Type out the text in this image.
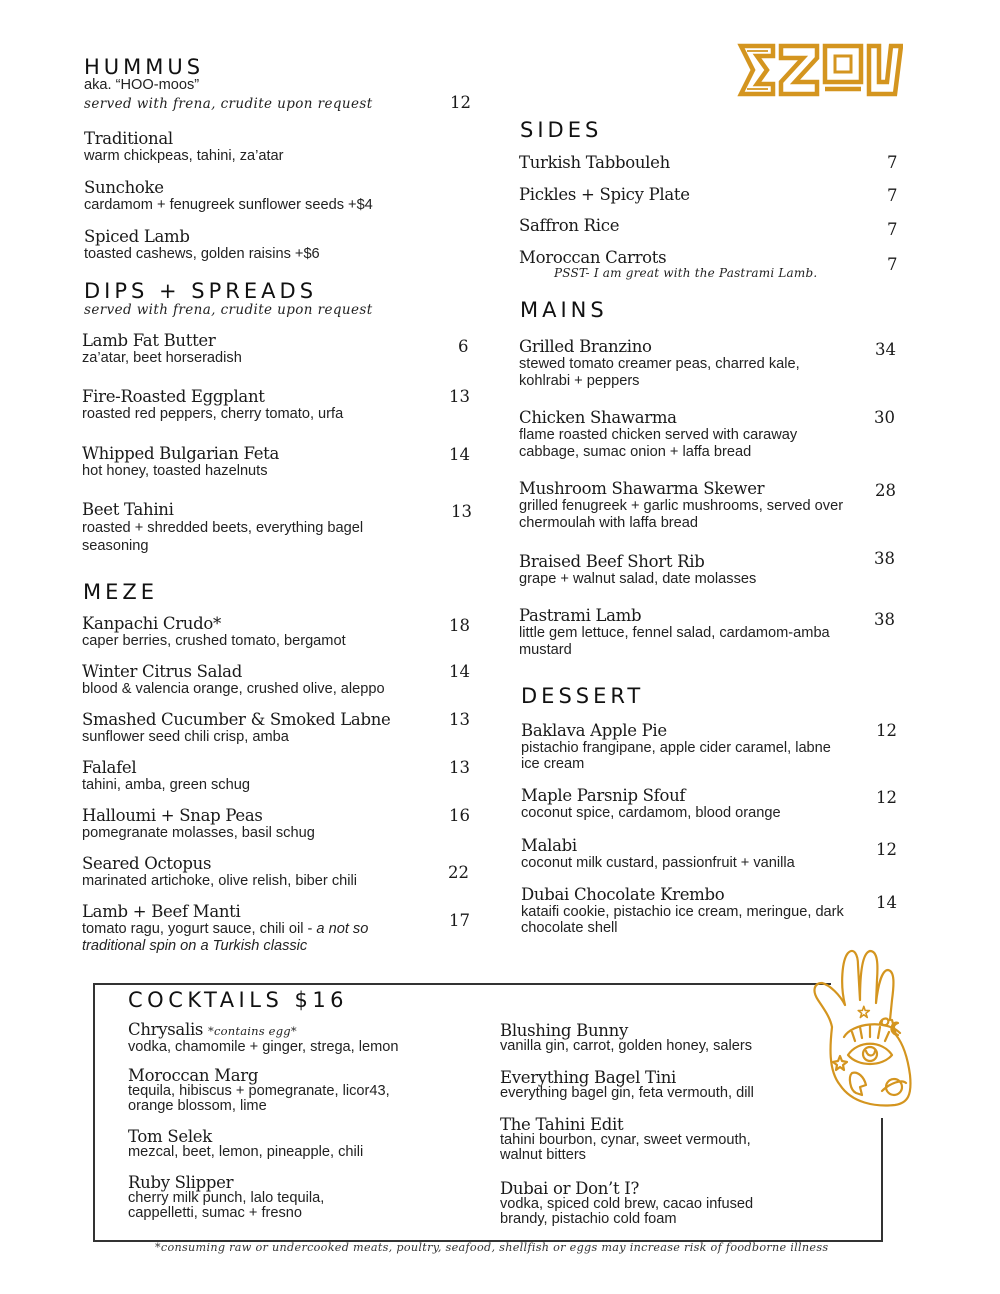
HUMMUS
aka. “HOO-moos”
served with frena, crudite upon request	12
Traditional
warm chickpeas, tahini, za’atar
Sunchoke
cardamom + fenugreek sunflower seeds +$4
Spiced Lamb
toasted cashews, golden raisins +$6
DIPS + SPREADS
served with frena, crudite upon request
Lamb Fat Butter
za’atar, beet horseradish
6
Fire-Roasted Eggplant
roasted red peppers, cherry tomato, urfa
13
Whipped Bulgarian Feta
hot honey, toasted hazelnuts
14
Beet Tahini
roasted + shredded beets, everything bagel seasoning
13
MEZE
Kanpachi Crudo*
caper berries, crushed tomato, bergamot
18
Winter Citrus Salad
blood & valencia orange, crushed olive, aleppo
14
Smashed Cucumber & Smoked Labne
sunflower seed chili crisp, amba
13
Falafel
tahini, amba, green schug
13
Halloumi + Snap Peas
pomegranate molasses, basil schug
16
Seared Octopus
marinated artichoke, olive relish, biber chili	22
Lamb + Beef Manti
tomato ragu, yogurt sauce, chili oil - a not so traditional spin on a Turkish classic
17
SIDES
Turkish Tabbouleh	7
Pickles + Spicy Plate	7
Saffron Rice	7
Moroccan Carrots
PSST- I am great with the Pastrami Lamb.	7
MAINS
Grilled Branzino
stewed tomato creamer peas, charred kale, kohlrabi + peppers
34
Chicken Shawarma
flame roasted chicken served with caraway cabbage, sumac onion + laffa bread
30
Mushroom Shawarma Skewer
grilled fenugreek + garlic mushrooms, served over chermoulah with laffa bread
28
Braised Beef Short Rib
grape + walnut salad, date molasses
38
Pastrami Lamb
little gem lettuce, fennel salad, cardamom-amba mustard
38
DESSERT
Baklava Apple Pie
pistachio frangipane, apple cider caramel, labne ice cream
12
Maple Parsnip Sfouf
coconut spice, cardamom, blood orange
12
Malabi
coconut milk custard, passionfruit + vanilla
12
Dubai Chocolate Krembo
kataifi cookie, pistachio ice cream, meringue, dark chocolate shell
14
COCKTAILS $16
Chrysalis *contains egg*
vodka, chamomile + ginger, strega, lemon
Moroccan Marg
tequila, hibiscus + pomegranate, licor43, orange blossom, lime
Tom Selek
mezcal, beet, lemon, pineapple, chili
Ruby Slipper
cherry milk punch, lalo tequila, cappelletti, sumac + fresno
Blushing Bunny
vanilla gin, carrot, golden honey, salers
Everything Bagel Tini
everything bagel gin, feta vermouth, dill
The Tahini Edit
tahini bourbon, cynar, sweet vermouth, walnut bitters
Dubai or Don’t I?
vodka, spiced cold brew, cacao infused brandy, pistachio cold foam
*consuming raw or undercooked meats, poultry, seafood, shellfish or eggs may increase risk of foodborne illness
